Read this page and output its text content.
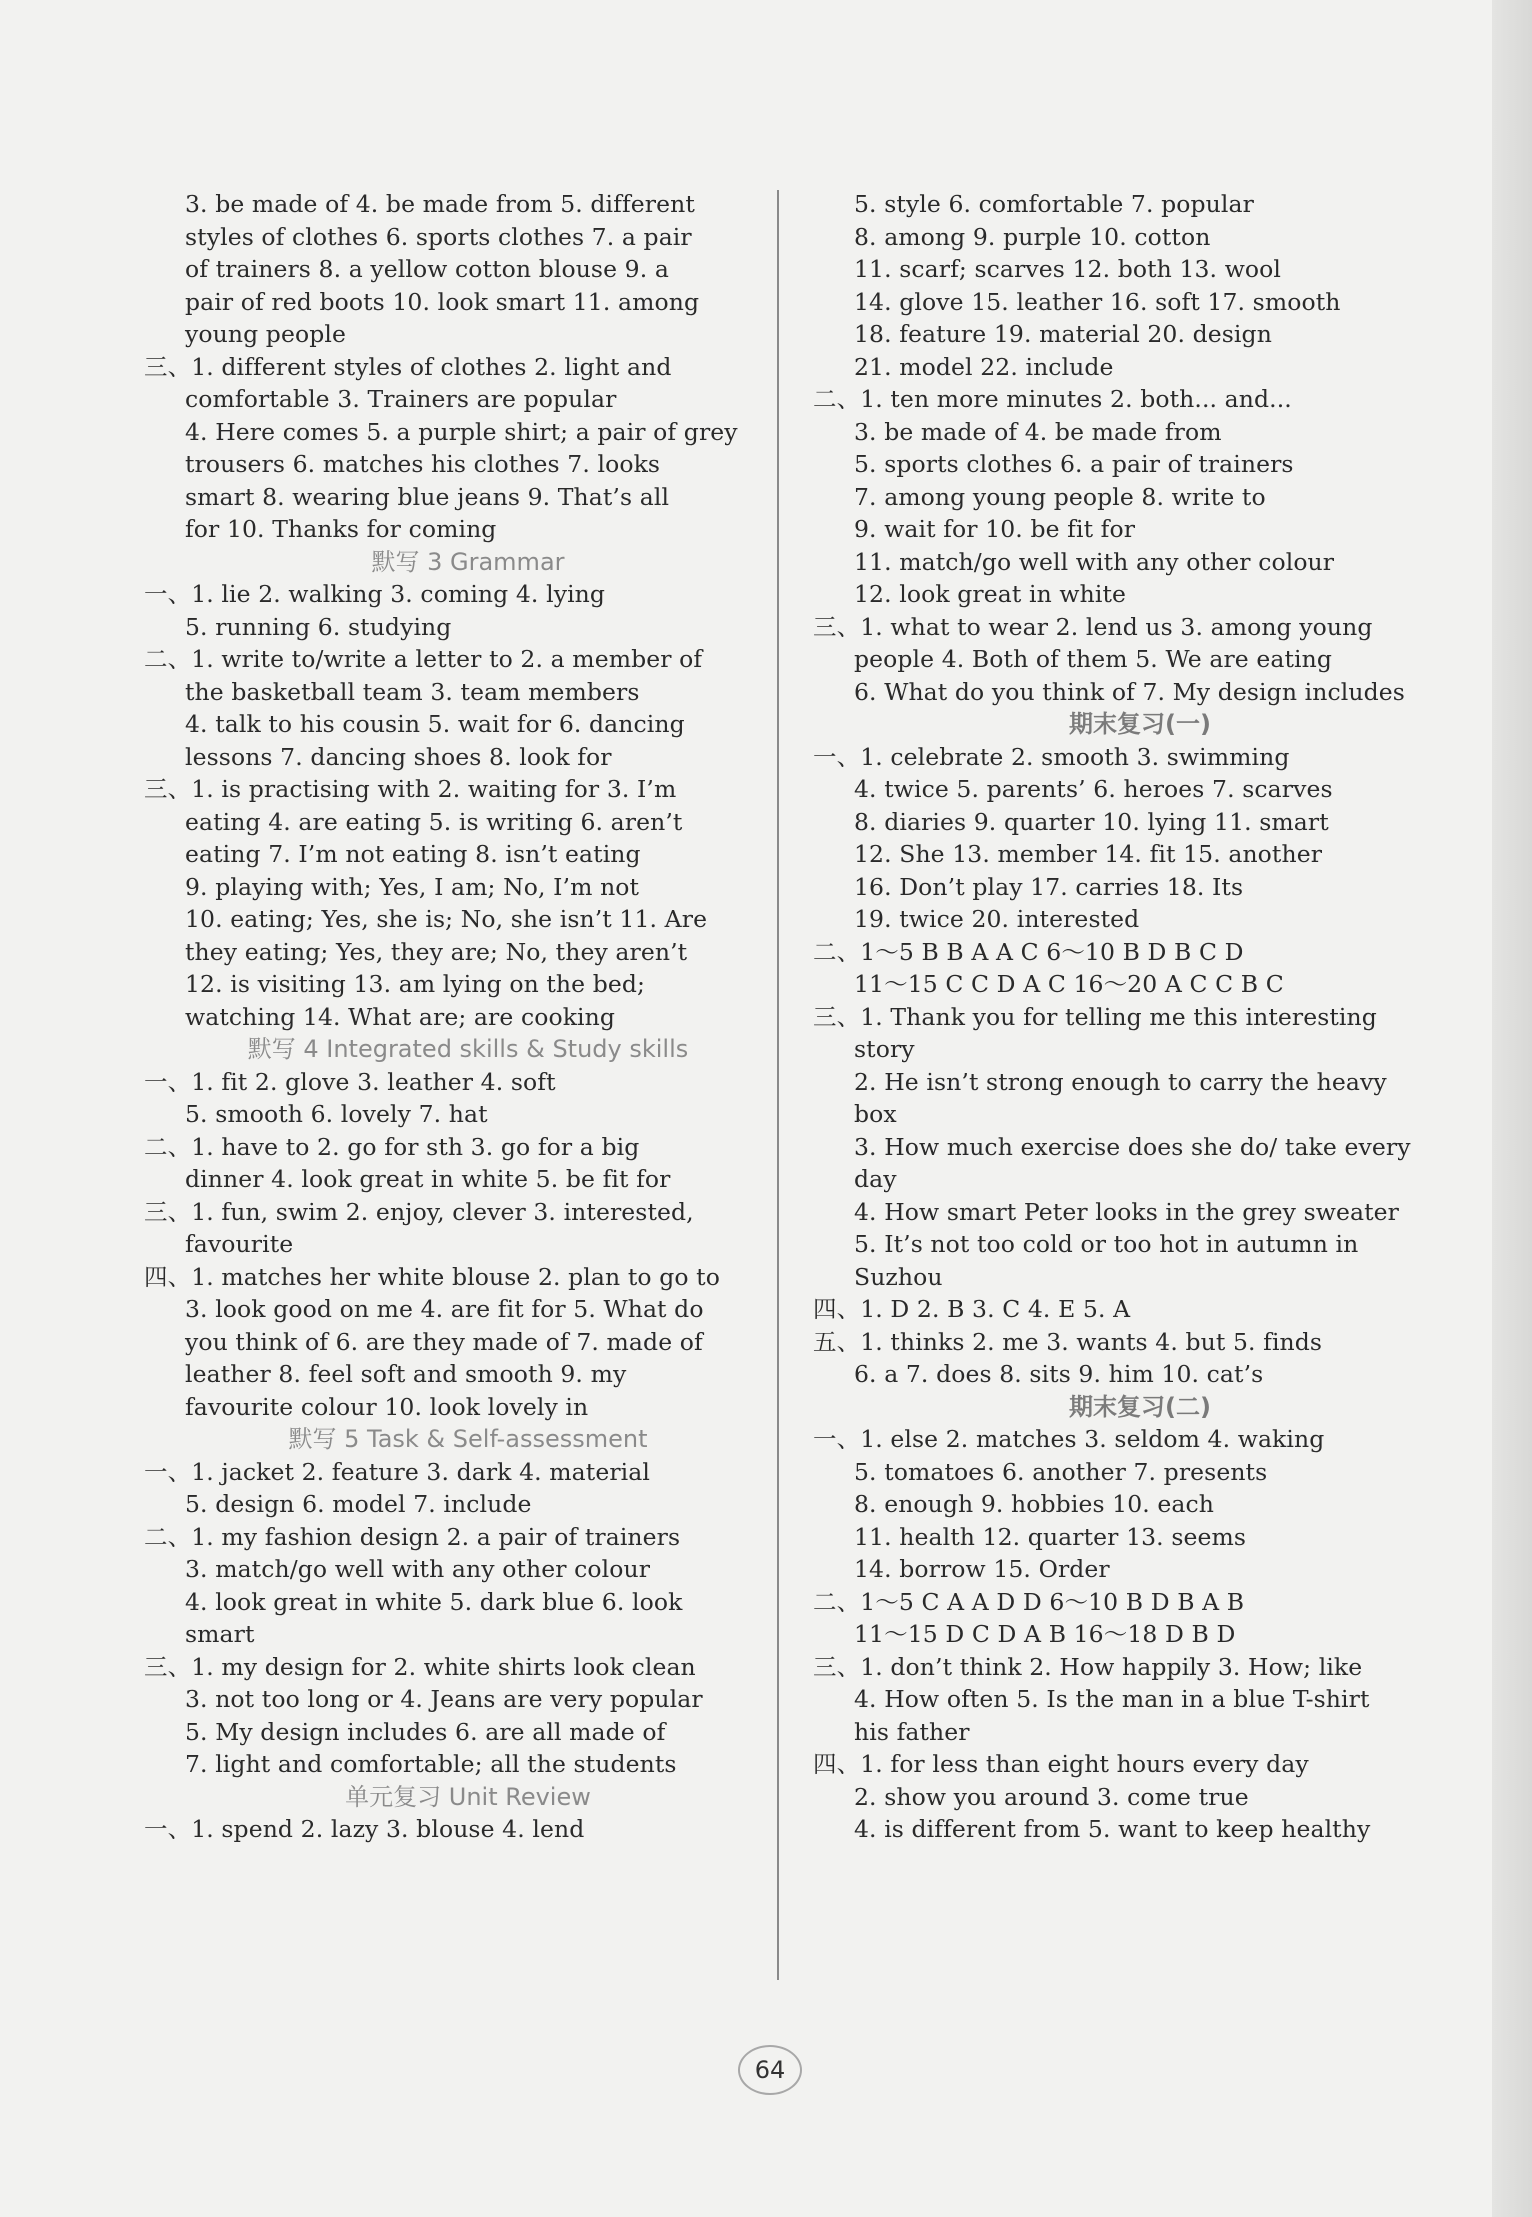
3. be made of 4. be made from 5. different
styles of clothes 6. sports clothes 7. a pair
of trainers 8. a yellow cotton blouse 9. a
pair of red boots 10. look smart 11. among
young people
三、1. different styles of clothes 2. light and
comfortable 3. Trainers are popular
4. Here comes 5. a purple shirt; a pair of grey
trousers 6. matches his clothes 7. looks
smart 8. wearing blue jeans 9. That’s all
for 10. Thanks for coming
默写 3 Grammar
一、1. lie 2. walking 3. coming 4. lying
5. running 6. studying
二、1. write to/write a letter to 2. a member of
the basketball team 3. team members
4. talk to his cousin 5. wait for 6. dancing
lessons 7. dancing shoes 8. look for
三、1. is practising with 2. waiting for 3. I’m
eating 4. are eating 5. is writing 6. aren’t
eating 7. I’m not eating 8. isn’t eating
9. playing with; Yes, I am; No, I’m not
10. eating; Yes, she is; No, she isn’t 11. Are
they eating; Yes, they are; No, they aren’t
12. is visiting 13. am lying on the bed;
watching 14. What are; are cooking
默写 4 Integrated skills & Study skills
一、1. fit 2. glove 3. leather 4. soft
5. smooth 6. lovely 7. hat
二、1. have to 2. go for sth 3. go for a big
dinner 4. look great in white 5. be fit for
三、1. fun, swim 2. enjoy, clever 3. interested,
favourite
四、1. matches her white blouse 2. plan to go to
3. look good on me 4. are fit for 5. What do
you think of 6. are they made of 7. made of
leather 8. feel soft and smooth 9. my
favourite colour 10. look lovely in
默写 5 Task & Self-assessment
一、1. jacket 2. feature 3. dark 4. material
5. design 6. model 7. include
二、1. my fashion design 2. a pair of trainers
3. match/go well with any other colour
4. look great in white 5. dark blue 6. look
smart
三、1. my design for 2. white shirts look clean
3. not too long or 4. Jeans are very popular
5. My design includes 6. are all made of
7. light and comfortable; all the students
单元复习 Unit Review
一、1. spend 2. lazy 3. blouse 4. lend
5. style 6. comfortable 7. popular
8. among 9. purple 10. cotton
11. scarf; scarves 12. both 13. wool
14. glove 15. leather 16. soft 17. smooth
18. feature 19. material 20. design
21. model 22. include
二、1. ten more minutes 2. both... and...
3. be made of 4. be made from
5. sports clothes 6. a pair of trainers
7. among young people 8. write to
9. wait for 10. be fit for
11. match/go well with any other colour
12. look great in white
三、1. what to wear 2. lend us 3. among young
people 4. Both of them 5. We are eating
6. What do you think of 7. My design includes
期末复习(一)
一、1. celebrate 2. smooth 3. swimming
4. twice 5. parents’ 6. heroes 7. scarves
8. diaries 9. quarter 10. lying 11. smart
12. She 13. member 14. fit 15. another
16. Don’t play 17. carries 18. Its
19. twice 20. interested
二、1～5 B B A A C 6～10 B D B C D
11～15 C C D A C 16～20 A C C B C
三、1. Thank you for telling me this interesting
story
2. He isn’t strong enough to carry the heavy
box
3. How much exercise does she do/ take every
day
4. How smart Peter looks in the grey sweater
5. It’s not too cold or too hot in autumn in
Suzhou
四、1. D 2. B 3. C 4. E 5. A
五、1. thinks 2. me 3. wants 4. but 5. finds
6. a 7. does 8. sits 9. him 10. cat’s
期末复习(二)
一、1. else 2. matches 3. seldom 4. waking
5. tomatoes 6. another 7. presents
8. enough 9. hobbies 10. each
11. health 12. quarter 13. seems
14. borrow 15. Order
二、1～5 C A A D D 6～10 B D B A B
11～15 D C D A B 16～18 D B D
三、1. don’t think 2. How happily 3. How; like
4. How often 5. Is the man in a blue T-shirt
his father
四、1. for less than eight hours every day
2. show you around 3. come true
4. is different from 5. want to keep healthy
64
